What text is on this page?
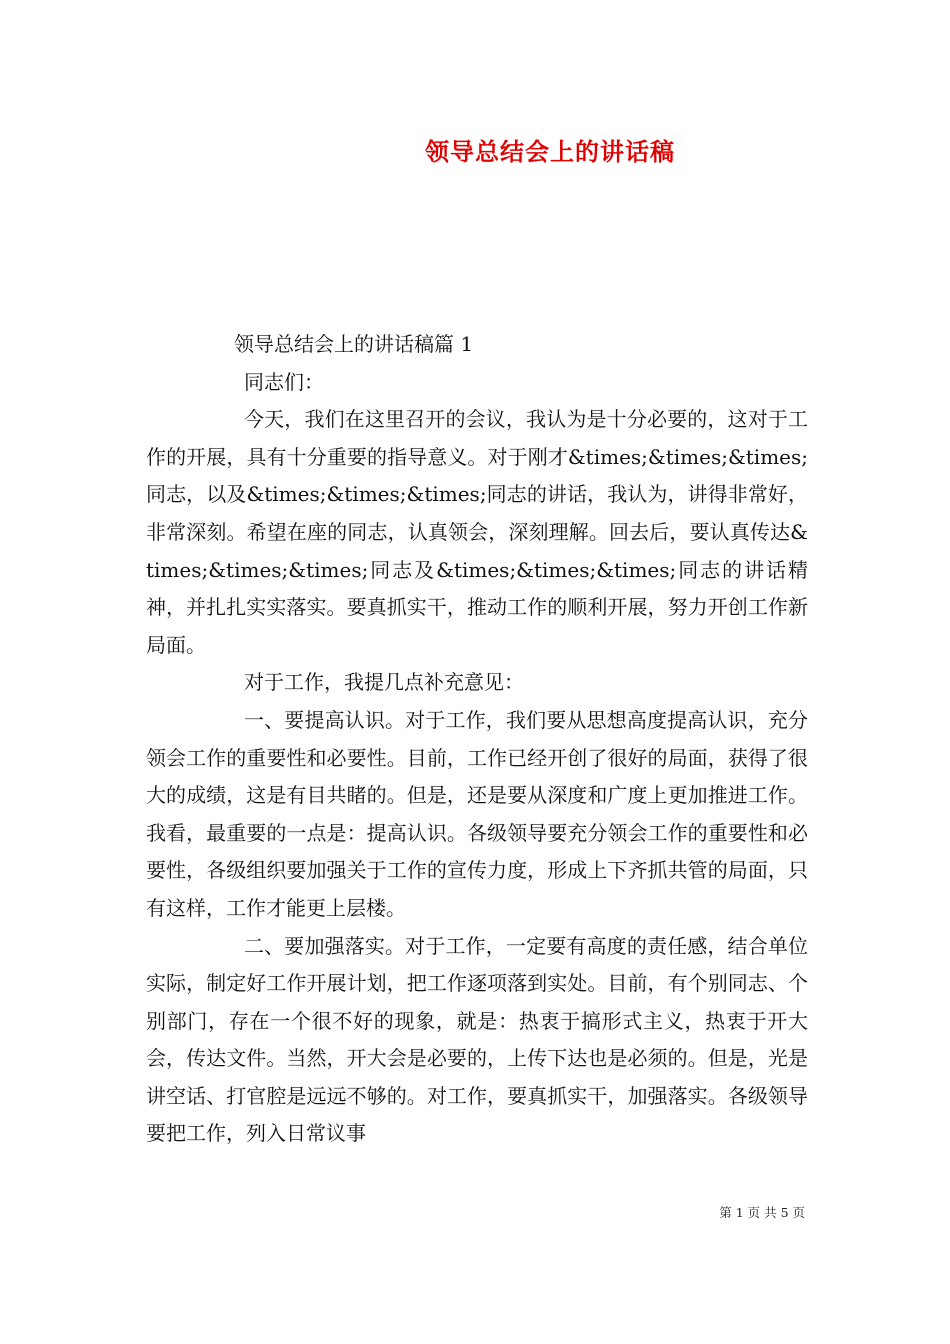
领导总结会上的讲话稿

领导总结会上的讲话稿篇 1

同志们：

今天，我们在这里召开的会议，我认为是十分必要的，这对于工作的开展，具有十分重要的指导意义。对于刚才&times;&times;&times;同志，以及&times;&times;&times;同志的讲话，我认为，讲得非常好，非常深刻。希望在座的同志，认真领会，深刻理解。回去后，要认真传达&times;&times;&times;同志及&times;&times;&times;同志的讲话精神，并扎扎实实落实。要真抓实干，推动工作的顺利开展，努力开创工作新局面。

对于工作，我提几点补充意见：

一、要提高认识。对于工作，我们要从思想高度提高认识，充分领会工作的重要性和必要性。目前，工作已经开创了很好的局面，获得了很大的成绩，这是有目共睹的。但是，还是要从深度和广度上更加推进工作。我看，最重要的一点是：提高认识。各级领导要充分领会工作的重要性和必要性，各级组织要加强关于工作的宣传力度，形成上下齐抓共管的局面，只有这样，工作才能更上层楼。

二、要加强落实。对于工作，一定要有高度的责任感，结合单位实际，制定好工作开展计划，把工作逐项落到实处。目前，有个别同志、个别部门，存在一个很不好的现象，就是：热衷于搞形式主义，热衷于开大会，传达文件。当然，开大会是必要的，上传下达也是必须的。但是，光是讲空话、打官腔是远远不够的。对工作，要真抓实干，加强落实。各级领导要把工作，列入日常议事

第 1 页 共 5 页
